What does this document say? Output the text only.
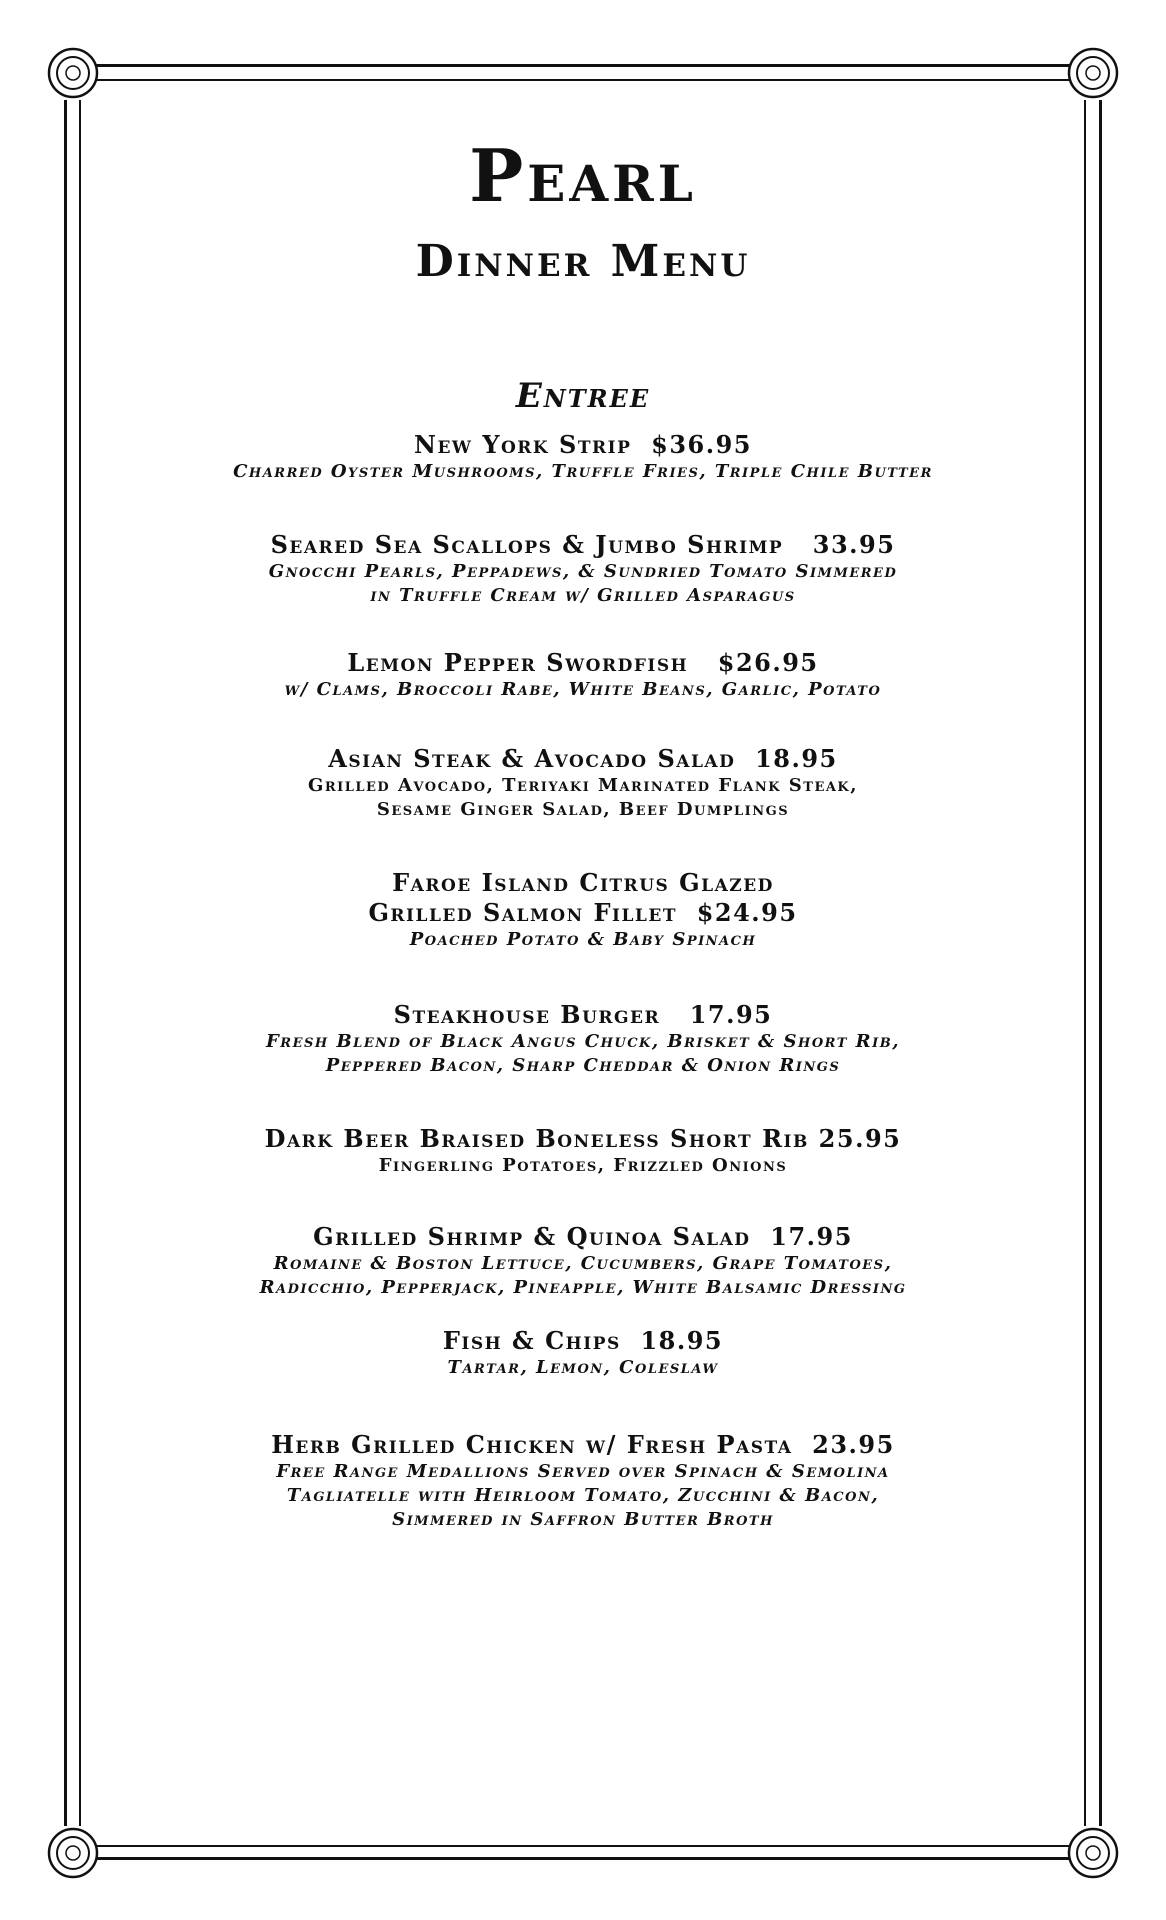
Pearl
Dinner Menu
Entree
New York Strip  $36.95
Charred Oyster Mushrooms, Truffle Fries, Triple Chile Butter
Seared Sea Scallops & Jumbo Shrimp   33.95
Gnocchi Pearls, Peppadews, & Sundried Tomato Simmered
in Truffle Cream w/ Grilled Asparagus
Lemon Pepper Swordfish   $26.95
w/ Clams, Broccoli Rabe, White Beans, Garlic, Potato
Asian Steak & Avocado Salad  18.95
Grilled Avocado, Teriyaki Marinated Flank Steak,
Sesame Ginger Salad, Beef Dumplings
Faroe Island Citrus Glazed
Grilled Salmon Fillet  $24.95
Poached Potato & Baby Spinach
Steakhouse Burger   17.95
Fresh Blend of Black Angus Chuck, Brisket & Short Rib,
Peppered Bacon, Sharp Cheddar & Onion Rings
Dark Beer Braised Boneless Short Rib 25.95
Fingerling Potatoes, Frizzled Onions
Grilled Shrimp & Quinoa Salad  17.95
Romaine & Boston Lettuce, Cucumbers, Grape Tomatoes,
Radicchio, Pepperjack, Pineapple, White Balsamic Dressing
Fish & Chips  18.95
Tartar, Lemon, Coleslaw
Herb Grilled Chicken w/ Fresh Pasta  23.95
Free Range Medallions Served over Spinach & Semolina
Tagliatelle with Heirloom Tomato, Zucchini & Bacon,
Simmered in Saffron Butter Broth
